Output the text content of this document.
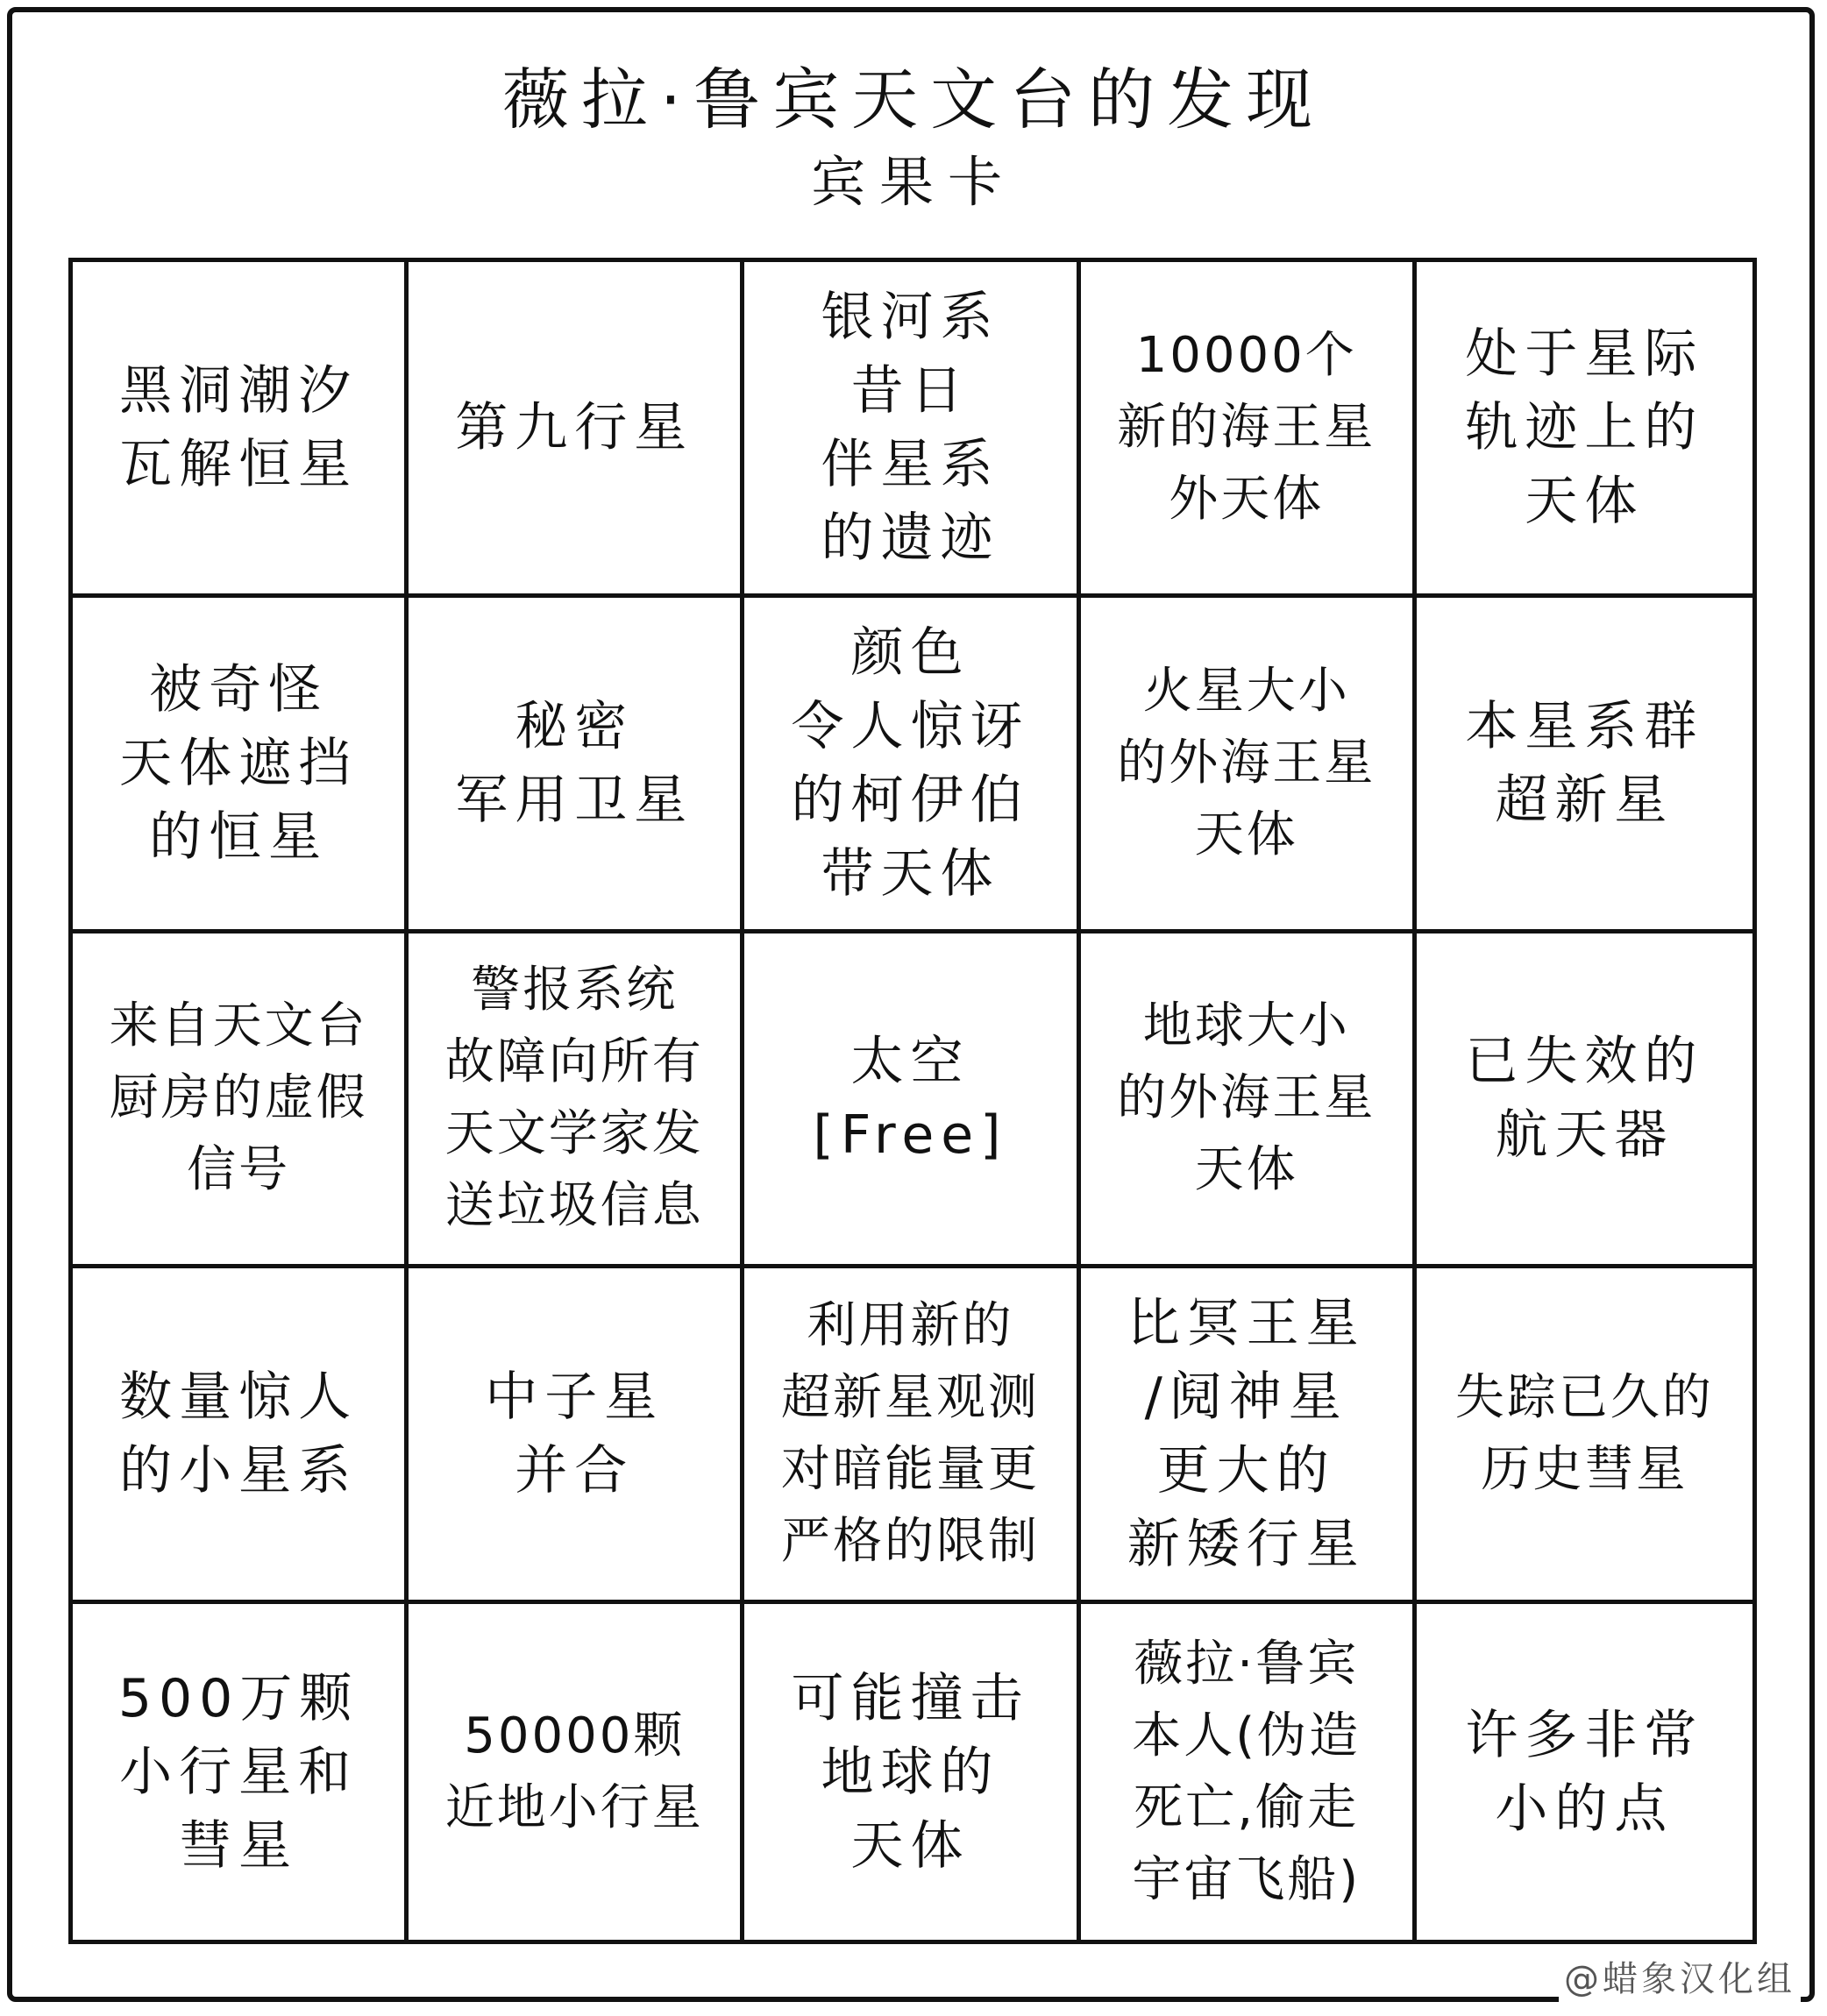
薇拉·鲁宾天文台的发现
宾果卡
黑洞潮汐
瓦解恒星
第九行星
银河系
昔日
伴星系
的遗迹
10000个
新的海王星
外天体
处于星际
轨迹上的
天体
被奇怪
天体遮挡
的恒星
秘密
军用卫星
颜色
令人惊讶
的柯伊伯
带天体
火星大小
的外海王星
天体
本星系群
超新星
来自天文台
厨房的虚假
信号
警报系统
故障向所有
天文学家发
送垃圾信息
太空
[Free]
地球大小
的外海王星
天体
已失效的
航天器
数量惊人
的小星系
中子星
并合
利用新的
超新星观测
对暗能量更
严格的限制
比冥王星
/阋神星
更大的
新矮行星
失踪已久的
历史彗星
500万颗
小行星和
彗星
50000颗
近地小行星
可能撞击
地球的
天体
薇拉·鲁宾
本人(伪造
死亡,偷走
宇宙飞船)
许多非常
小的点
@蜡象汉化组
